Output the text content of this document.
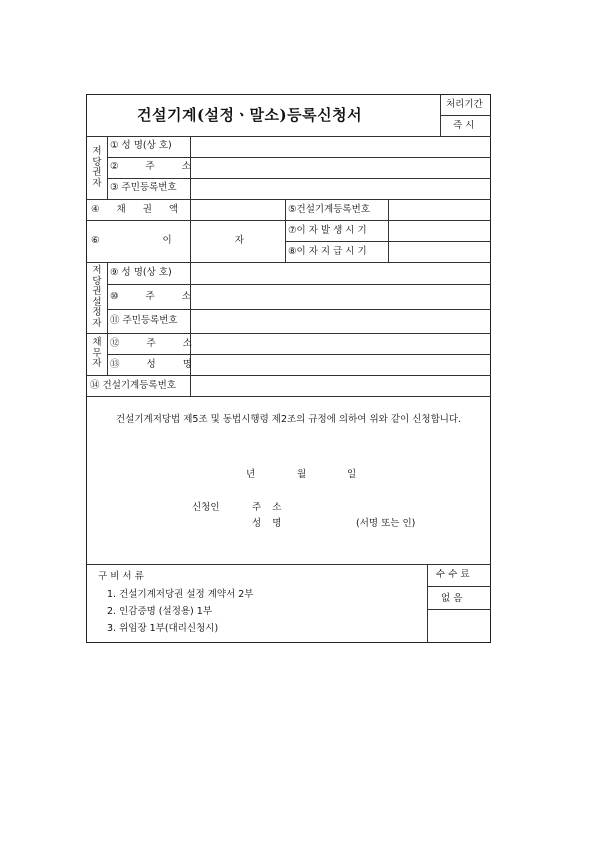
건설기계(설정ㆍ말소)등록신청서
처리기간
즉 시
저당권자
① 성 명(상 호)
② 주 소
③ 주민등록번호
④ 채 권 액	⑤건설기계등록번호
⑥ 이 자
⑦이 자 발 생 시 기
⑧이 자 지 급 시 기
저당권설정자
⑨ 성 명(상 호)
⑩ 주 소
⑪ 주민등록번호
채무자
⑫ 주 소
⑬ 성 명
⑭ 건설기계등록번호
건설기계저당법 제5조 및 동법시행령 제2조의 규정에 의하여 위와 같이 신청합니다.
년	월	일
신청인	주 소
성 명	(서명 또는 인)
구 비 서 류
1. 건설기계저당권 설정 계약서 2부
2. 인감증명 (설정용) 1부
3. 위임장 1부(대리신청시)
수 수 료
없 음
